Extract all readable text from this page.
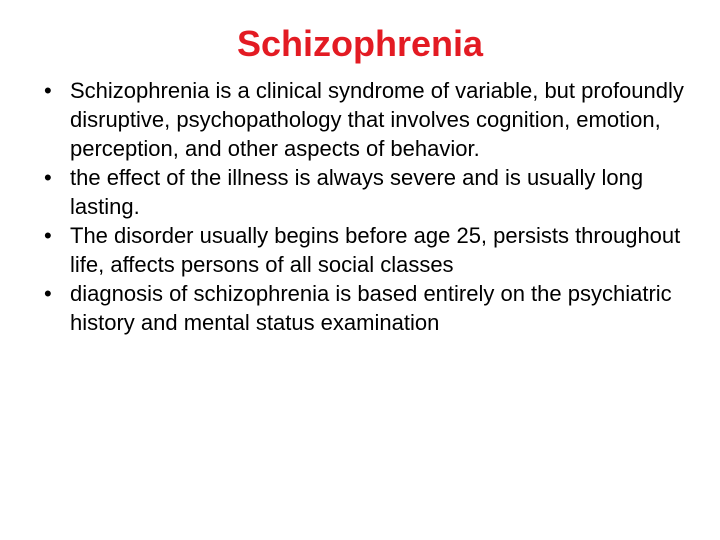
Schizophrenia
• Schizophrenia is a clinical syndrome of variable, but profoundly disruptive, psychopathology that involves cognition, emotion, perception, and other aspects of behavior.
• the effect of the illness is always severe and is usually long lasting.
• The disorder usually begins before age 25, persists throughout life, affects persons of all social classes
• diagnosis of schizophrenia is based entirely on the psychiatric history and mental status examination
